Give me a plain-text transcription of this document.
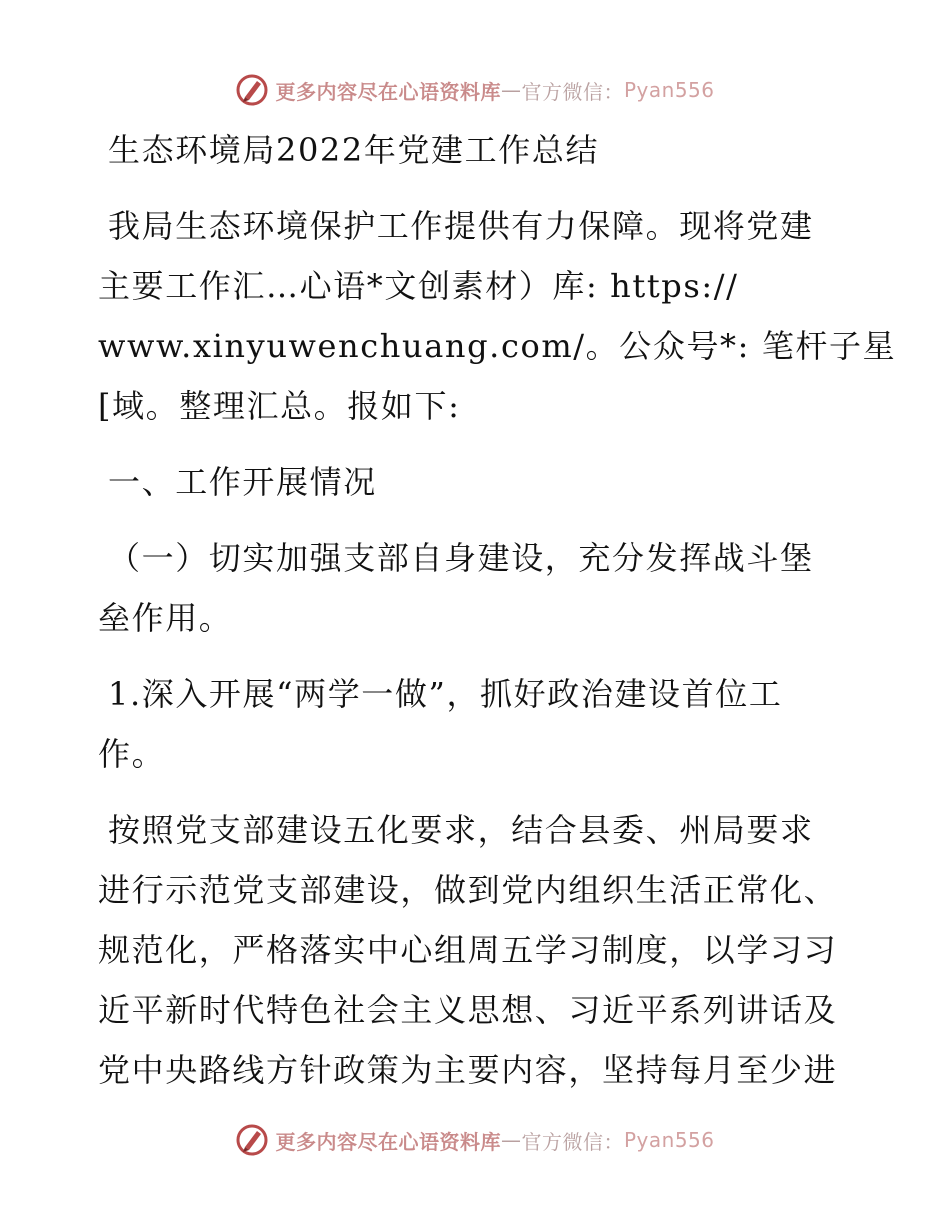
更多内容尽在心语资料库 — 官方微信： Pyan556
生态环境局2022年党建工作总结
我局生态环境保护工作提供有力保障。现将党建
主要工作汇…心语*文创素材）库: https://
www.xinyuwenchuang.com/。公众号*: 笔杆子星
[域。整理汇总。报如下:
一、工作开展情况
（一）切实加强支部自身建设，充分发挥战斗堡
垒作用。
1.深入开展“两学一做”，抓好政治建设首位工
作。
按照党支部建设五化要求，结合县委、州局要求
进行示范党支部建设，做到党内组织生活正常化、
规范化，严格落实中心组周五学习制度，以学习习
近平新时代特色社会主义思想、习近平系列讲话及
党中央路线方针政策为主要内容，坚持每月至少进
更多内容尽在心语资料库 — 官方微信： Pyan556
